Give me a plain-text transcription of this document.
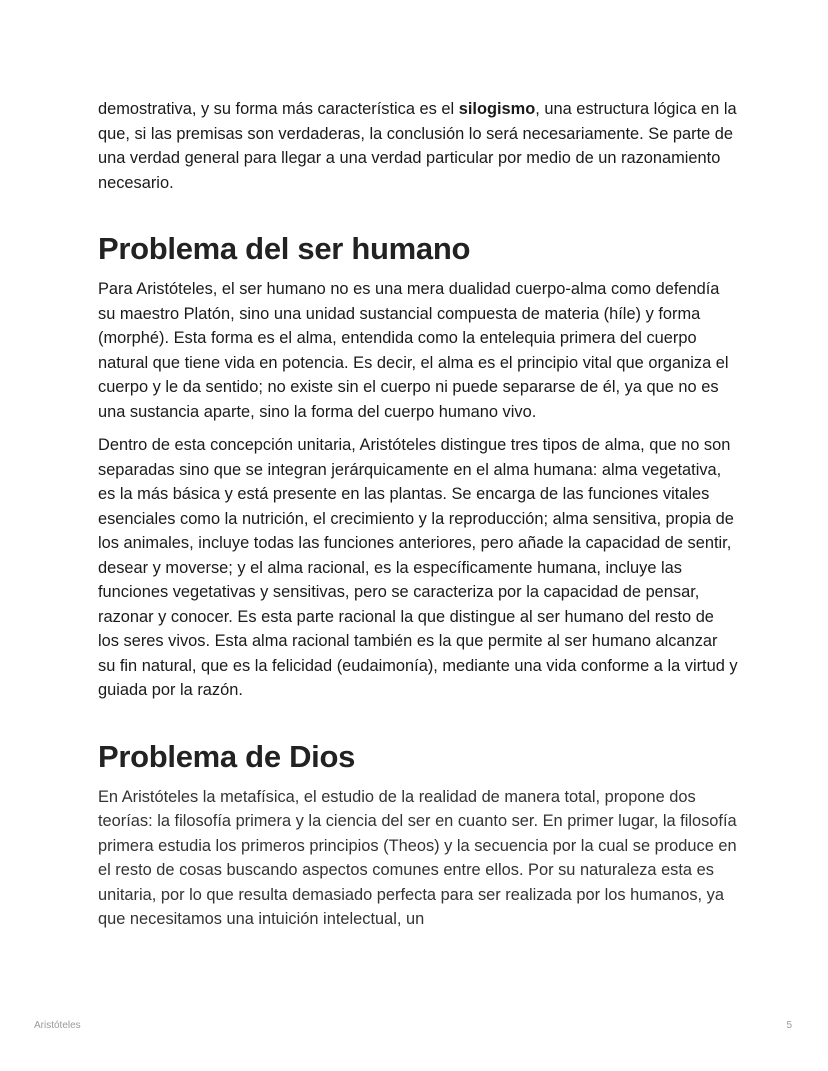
demostrativa, y su forma más característica es el silogismo, una estructura lógica en la que, si las premisas son verdaderas, la conclusión lo será necesariamente. Se parte de una verdad general para llegar a una verdad particular por medio de un razonamiento necesario.

Problema del ser humano

Para Aristóteles, el ser humano no es una mera dualidad cuerpo-alma como defendía su maestro Platón, sino una unidad sustancial compuesta de materia (híle) y forma (morphé). Esta forma es el alma, entendida como la entelequia primera del cuerpo natural que tiene vida en potencia. Es decir, el alma es el principio vital que organiza el cuerpo y le da sentido; no existe sin el cuerpo ni puede separarse de él, ya que no es una sustancia aparte, sino la forma del cuerpo humano vivo.

Dentro de esta concepción unitaria, Aristóteles distingue tres tipos de alma, que no son separadas sino que se integran jerárquicamente en el alma humana: alma vegetativa, es la más básica y está presente en las plantas. Se encarga de las funciones vitales esenciales como la nutrición, el crecimiento y la reproducción; alma sensitiva, propia de los animales, incluye todas las funciones anteriores, pero añade la capacidad de sentir, desear y moverse; y el alma racional, es la específicamente humana, incluye las funciones vegetativas y sensitivas, pero se caracteriza por la capacidad de pensar, razonar y conocer. Es esta parte racional la que distingue al ser humano del resto de los seres vivos. Esta alma racional también es la que permite al ser humano alcanzar su fin natural, que es la felicidad (eudaimonía), mediante una vida conforme a la virtud y guiada por la razón.

Problema de Dios

En Aristóteles la metafísica, el estudio de la realidad de manera total, propone dos teorías: la filosofía primera y la ciencia del ser en cuanto ser. En primer lugar, la filosofía primera estudia los primeros principios (Theos) y la secuencia por la cual se produce en el resto de cosas buscando aspectos comunes entre ellos. Por su naturaleza esta es unitaria, por lo que resulta demasiado perfecta para ser realizada por los humanos, ya que necesitamos una intuición intelectual, un

Aristóteles	5
